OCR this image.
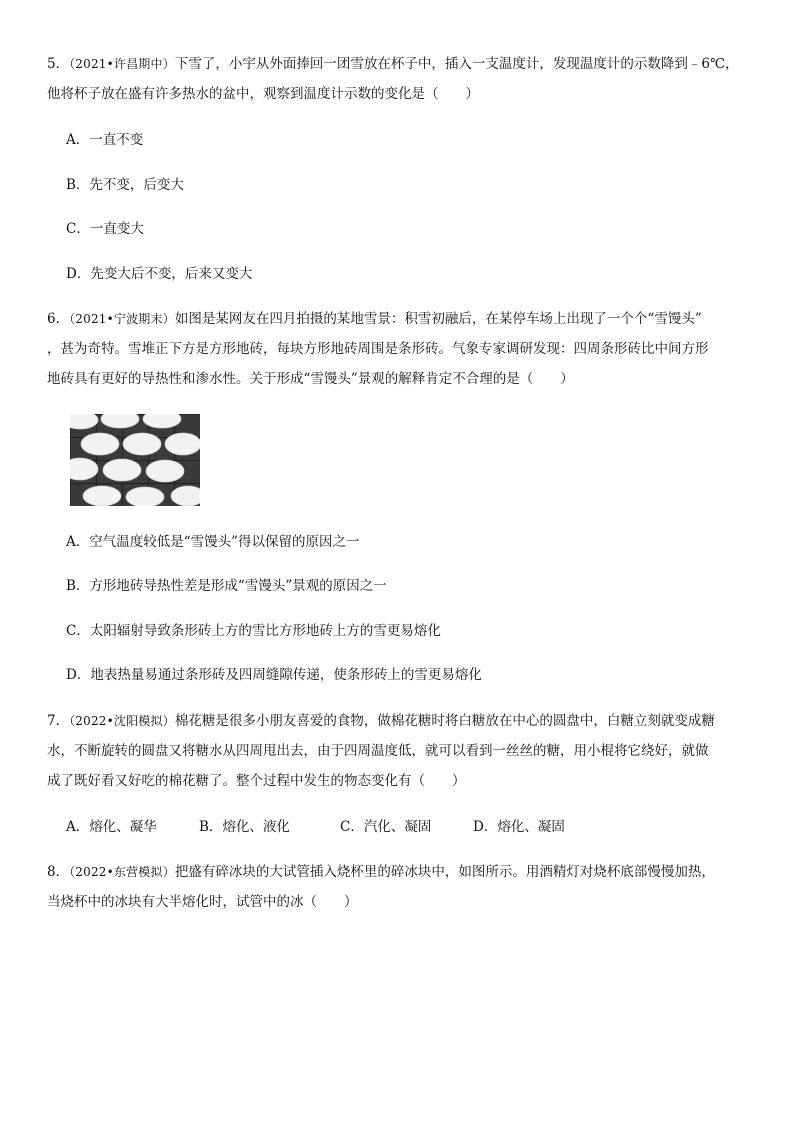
5．（2021•许昌期中）下雪了，小宇从外面捧回一团雪放在杯子中，插入一支温度计，发现温度计的示数降到﹣6℃，

他将杯子放在盛有许多热水的盆中，观察到温度计示数的变化是（　　）

A．一直不变
B．先不变，后变大
C．一直变大
D．先变大后不变，后来又变大

6．（2021•宁波期末）如图是某网友在四月拍摄的某地雪景：积雪初融后，在某停车场上出现了一个个“雪馒头”

，甚为奇特。雪堆正下方是方形地砖，每块方形地砖周围是条形砖。气象专家调研发现：四周条形砖比中间方形

地砖具有更好的导热性和渗水性。关于形成“雪馒头”景观的解释肯定不合理的是（　　）

A．空气温度较低是“雪馒头”得以保留的原因之一
B．方形地砖导热性差是形成“雪馒头”景观的原因之一
C．太阳辐射导致条形砖上方的雪比方形地砖上方的雪更易熔化
D．地表热量易通过条形砖及四周缝隙传递，使条形砖上的雪更易熔化

7．（2022•沈阳模拟）棉花糖是很多小朋友喜爱的食物，做棉花糖时将白糖放在中心的圆盘中，白糖立刻就变成糖

水，不断旋转的圆盘又将糖水从四周甩出去，由于四周温度低，就可以看到一丝丝的糖，用小棍将它绕好，就做

成了既好看又好吃的棉花糖了。整个过程中发生的物态变化有（　　）

A．熔化、凝华	B．熔化、液化	C．汽化、凝固	D．熔化、凝固

8．（2022•东营模拟）把盛有碎冰块的大试管插入烧杯里的碎冰块中，如图所示。用酒精灯对烧杯底部慢慢加热，

当烧杯中的冰块有大半熔化时，试管中的冰（　　）
